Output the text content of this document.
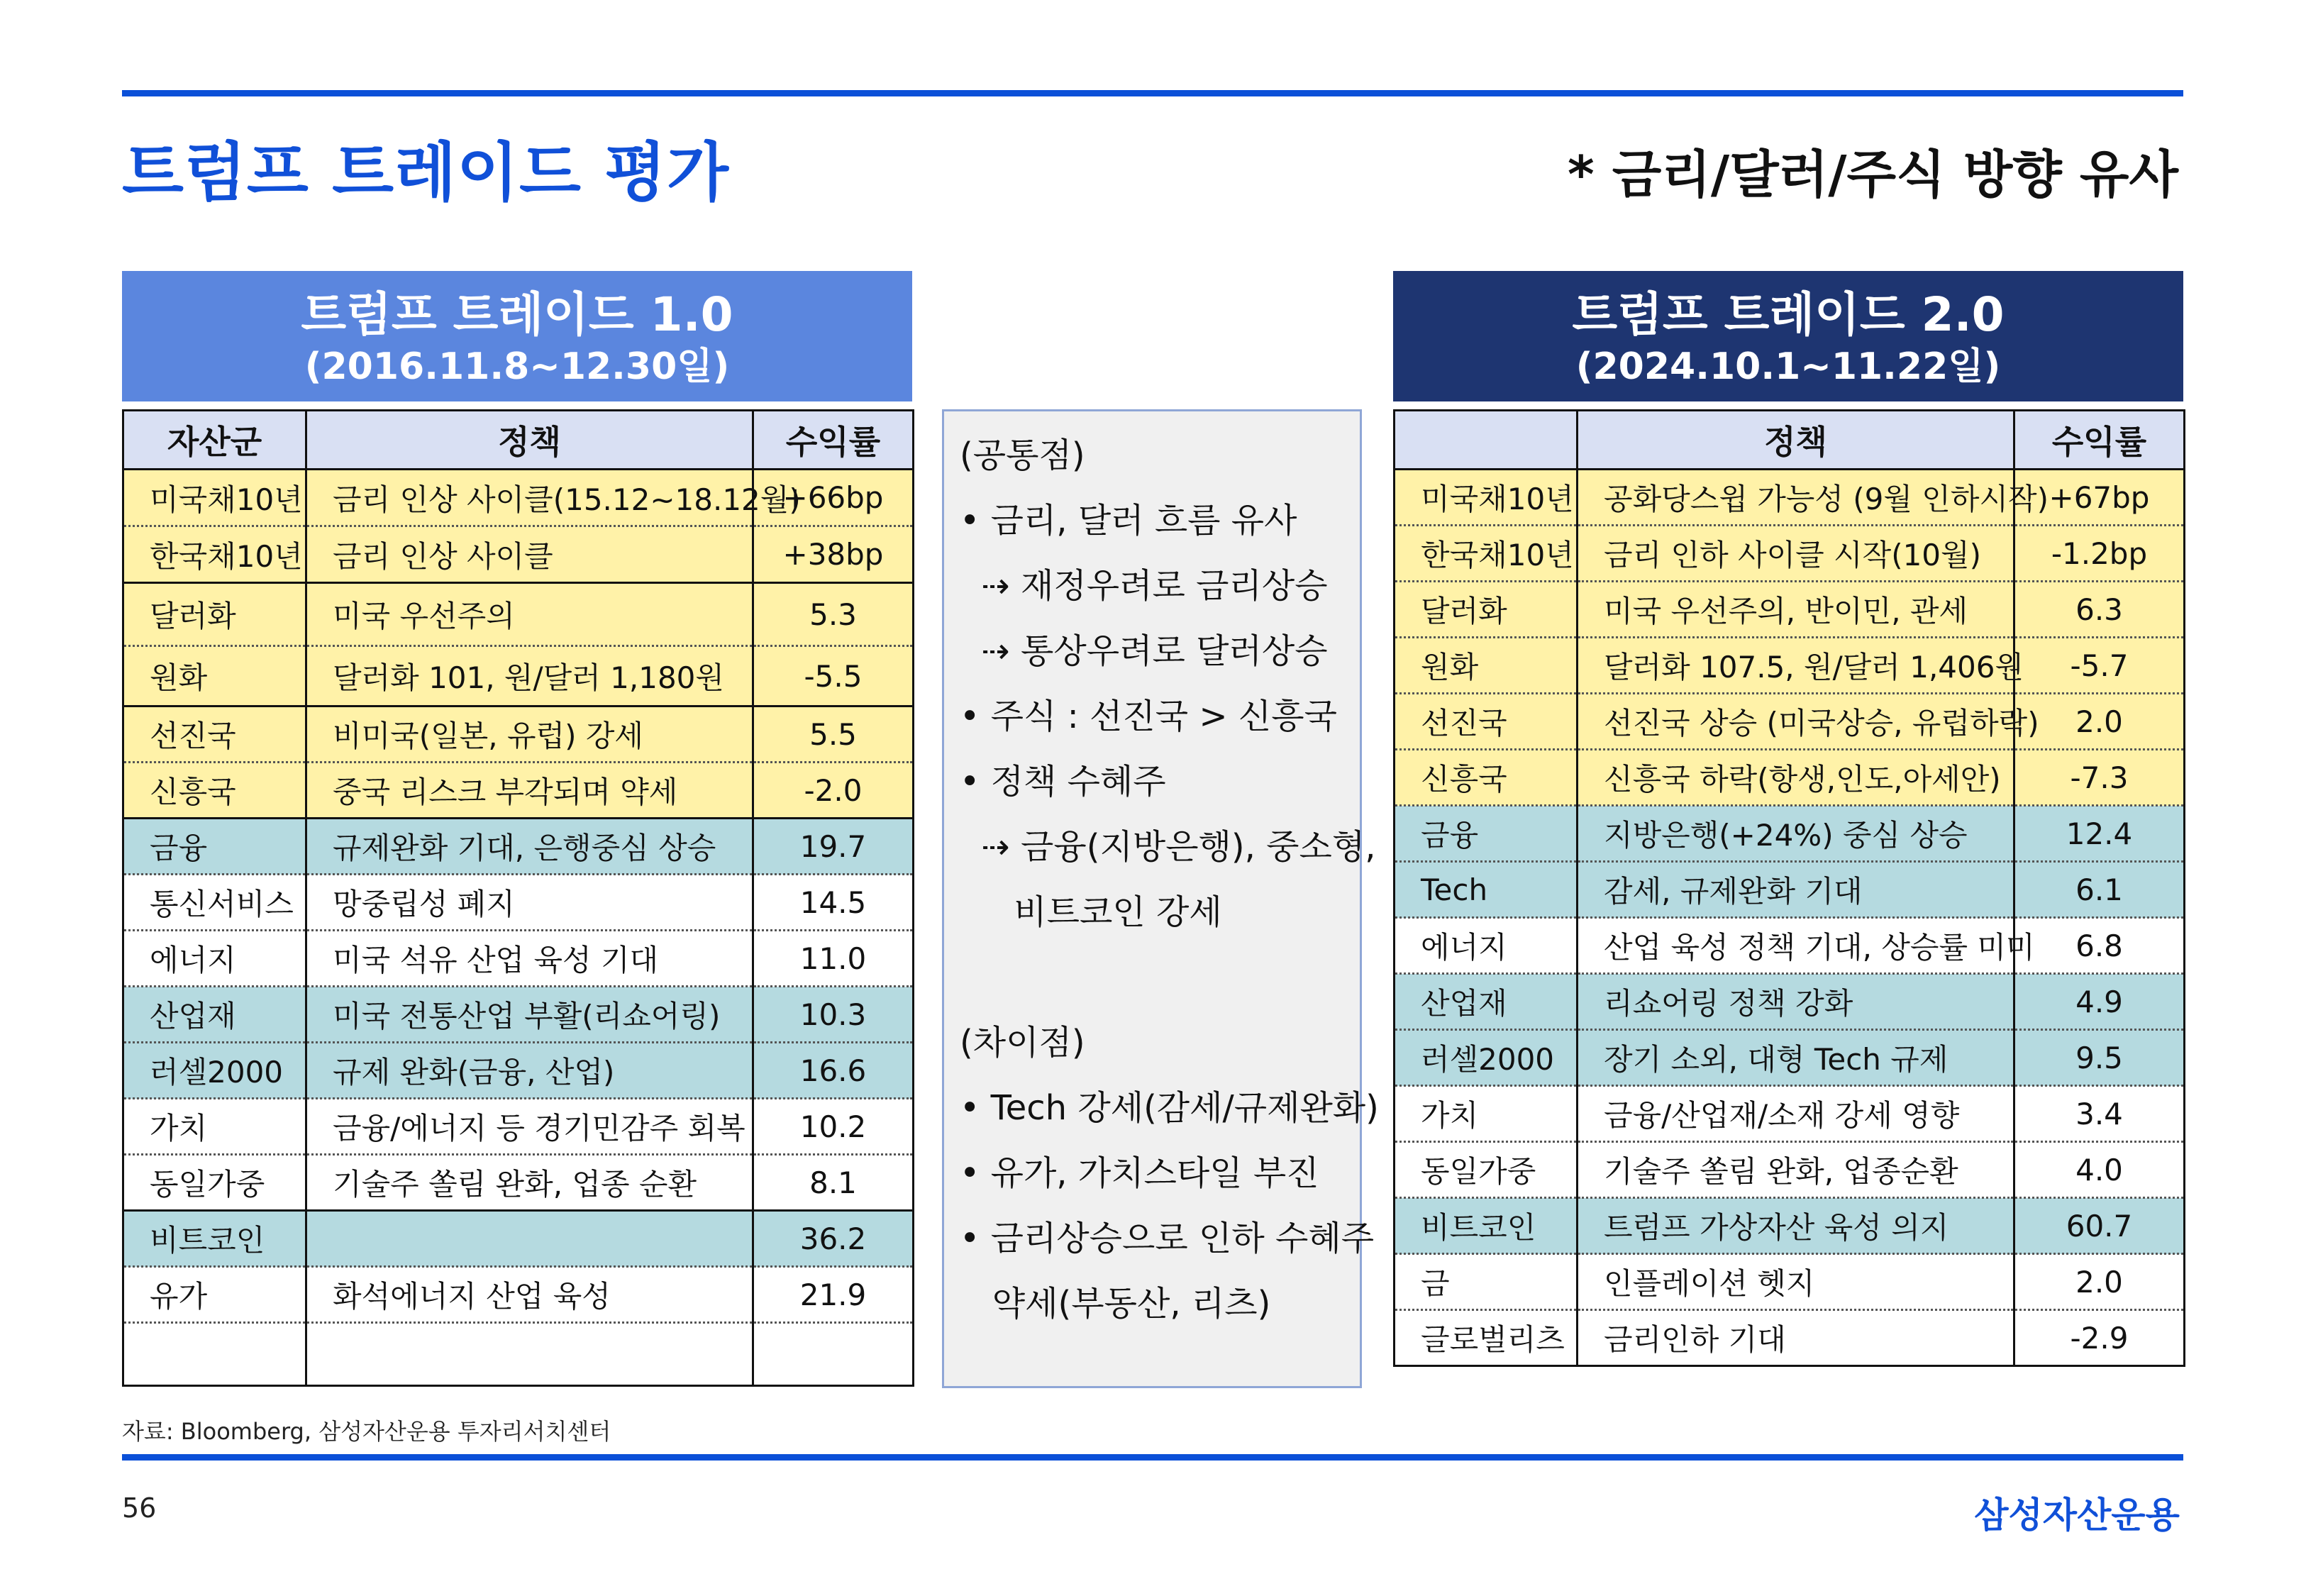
트럼프 트레이드 평가	* 금리/달러/주식 방향 유사
트럼프 트레이드 1.0
(2016.11.8~12.30일)
자산군	정책	수익률
미국채10년	금리 인상 사이클(15.12~18.12월)	+66bp
한국채10년	금리 인상 사이클	+38bp
달러화	미국 우선주의	5.3
원화	달러화 101, 원/달러 1,180원	-5.5
선진국	비미국(일본, 유럽) 강세	5.5
신흥국	중국 리스크 부각되며 약세	-2.0
금융	규제완화 기대, 은행중심 상승	19.7
통신서비스	망중립성 폐지	14.5
에너지	미국 석유 산업 육성 기대	11.0
산업재	미국 전통산업 부활(리쇼어링)	10.3
러셀2000	규제 완화(금융, 산업)	16.6
가치	금융/에너지 등 경기민감주 회복	10.2
동일가중	기술주 쏠림 완화, 업종 순환	8.1
비트코인		36.2
유가	화석에너지 산업 육성	21.9

(공통점)
• 금리, 달러 흐름 유사
⇢ 재정우려로 금리상승
⇢ 통상우려로 달러상승
• 주식 : 선진국 > 신흥국
• 정책 수혜주
⇢ 금융(지방은행), 중소형,
비트코인 강세
(차이점)
• Tech 강세(감세/규제완화)
• 유가, 가치스타일 부진
• 금리상승으로 인하 수혜주
약세(부동산, 리츠)
트럼프 트레이드 2.0
(2024.10.1~11.22일)
	정책	수익률
미국채10년	공화당스윕 가능성 (9월 인하시작)	+67bp
한국채10년	금리 인하 사이클 시작(10월)	-1.2bp
달러화	미국 우선주의, 반이민, 관세	6.3
원화	달러화 107.5, 원/달러 1,406원	-5.7
선진국	선진국 상승 (미국상승, 유럽하락)	2.0
신흥국	신흥국 하락(항생,인도,아세안)	-7.3
금융	지방은행(+24%) 중심 상승	12.4
Tech	감세, 규제완화 기대	6.1
에너지	산업 육성 정책 기대, 상승률 미미	6.8
산업재	리쇼어링 정책 강화	4.9
러셀2000	장기 소외, 대형 Tech 규제	9.5
가치	금융/산업재/소재 강세 영향	3.4
동일가중	기술주 쏠림 완화, 업종순환	4.0
비트코인	트럼프 가상자산 육성 의지	60.7
금	인플레이션 헷지	2.0
글로벌리츠	금리인하 기대	-2.9
자료: Bloomberg, 삼성자산운용 투자리서치센터
56	삼성자산운용
